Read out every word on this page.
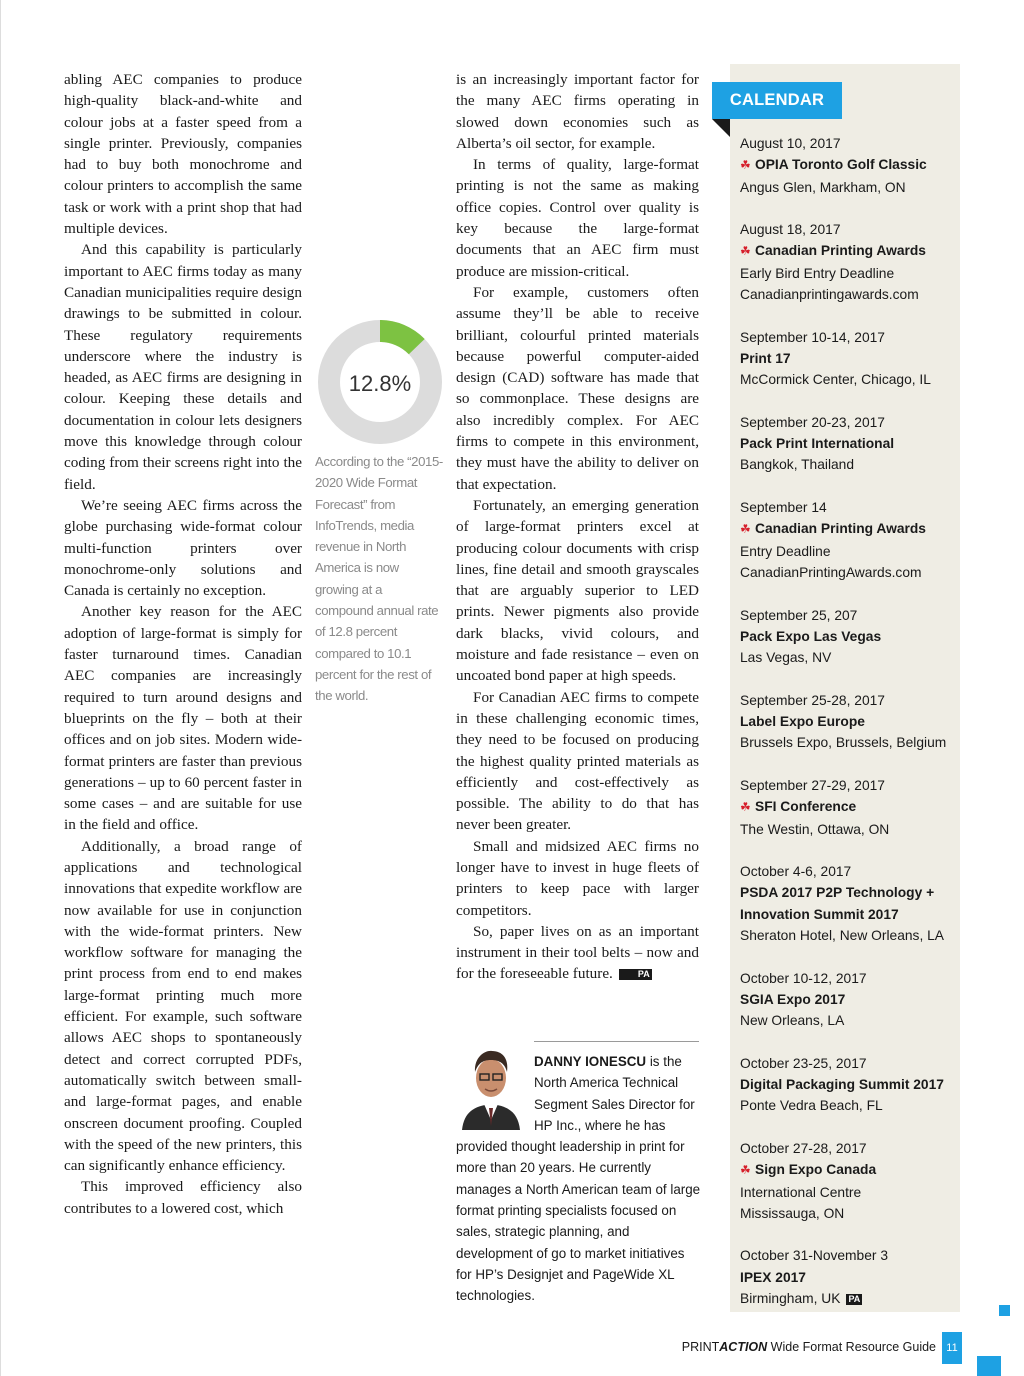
abling AEC companies to produce high-quality black-and-white and colour jobs at a faster speed from a single printer. Previously, companies had to buy both monochrome and colour printers to accomplish the same task or work with a print shop that had multiple devices.

And this capability is particularly important to AEC firms today as many Canadian municipalities require design drawings to be submitted in colour. These regulatory requirements underscore where the industry is headed, as AEC firms are designing in colour. Keeping these details and documentation in colour lets designers move this knowledge through colour coding from their screens right into the field.

We’re seeing AEC firms across the globe purchasing wide-format colour multi-function printers over monochrome-only solutions and Canada is certainly no exception.

Another key reason for the AEC adoption of large-format is simply for faster turnaround times. Canadian AEC companies are increasingly required to turn around designs and blueprints on the fly – both at their offices and on job sites. Modern wide-format printers are faster than previous generations – up to 60 percent faster in some cases – and are suitable for use in the field and office.

Additionally, a broad range of applications and technological innovations that expedite workflow are now available for use in conjunction with the wide-format printers. New workflow software for managing the print process from end to end makes large-format printing much more efficient. For example, such software allows AEC shops to spontaneously detect and correct corrupted PDFs, automatically switch between small- and large-format pages, and enable onscreen document proofing. Coupled with the speed of the new printers, this can significantly enhance efficiency.

This improved efficiency also contributes to a lowered cost, which

is an increasingly important factor for the many AEC firms operating in slowed down economies such as Alberta’s oil sector, for example.

In terms of quality, large-format printing is not the same as making office copies. Control over quality is key because the large-format documents that an AEC firm must produce are mission-critical.

For example, customers often assume they’ll be able to receive brilliant, colourful printed materials because powerful computer-aided design (CAD) software has made that so commonplace. These designs are also incredibly complex. For AEC firms to compete in this environment, they must have the ability to deliver on that expectation.

Fortunately, an emerging generation of large-format printers excel at producing colour documents with crisp lines, fine detail and smooth grayscales that are arguably superior to LED prints. Newer pigments also provide dark blacks, vivid colours, and moisture and fade resistance – even on uncoated bond paper at high speeds.

For Canadian AEC firms to compete in these challenging economic times, they need to be focused on producing the highest quality printed materials as efficiently and cost-effectively as possible. The ability to do that has never been greater.

Small and midsized AEC firms no longer have to invest in huge fleets of printers to keep pace with larger competitors.

So, paper lives on as an important instrument in their tool belts – now and for the foreseeable future.	PA

12.8%
According to the “2015-2020 Wide Format Forecast” from InfoTrends, media revenue in North America is now growing at a compound annual rate of 12.8 percent compared to 10.1 percent for the rest of the world.
DANNY IONESCU is the North America Technical Segment Sales Director for HP Inc., where he has provided thought leadership in print for more than 20 years. He currently manages a North American team of large format printing specialists focused on sales, strategic planning, and development of go to market initiatives for HP’s Designjet and PageWide XL technologies.
CALENDAR
August 10, 2017
☘ OPIA Toronto Golf Classic
Angus Glen, Markham, ON
August 18, 2017
☘ Canadian Printing Awards
Early Bird Entry Deadline
Canadianprintingawards.com
September 10-14, 2017
Print 17
McCormick Center, Chicago, IL
September 20-23, 2017
Pack Print International
Bangkok, Thailand
September 14
☘ Canadian Printing Awards
Entry Deadline
CanadianPrintingAwards.com
September 25, 207
Pack Expo Las Vegas
Las Vegas, NV
September 25-28, 2017
Label Expo Europe
Brussels Expo, Brussels, Belgium
September 27-29, 2017
☘ SFI Conference
The Westin, Ottawa, ON
October 4-6, 2017
PSDA 2017 P2P Technology + Innovation Summit 2017
Sheraton Hotel, New Orleans, LA
October 10-12, 2017
SGIA Expo 2017
New Orleans, LA
October 23-25, 2017
Digital Packaging Summit 2017
Ponte Vedra Beach, FL
October 27-28, 2017
☘ Sign Expo Canada
International Centre
Mississauga, ON
October 31-November 3
IPEX 2017
Birmingham, UK PA
PRINTACTION Wide Format Resource Guide 11
